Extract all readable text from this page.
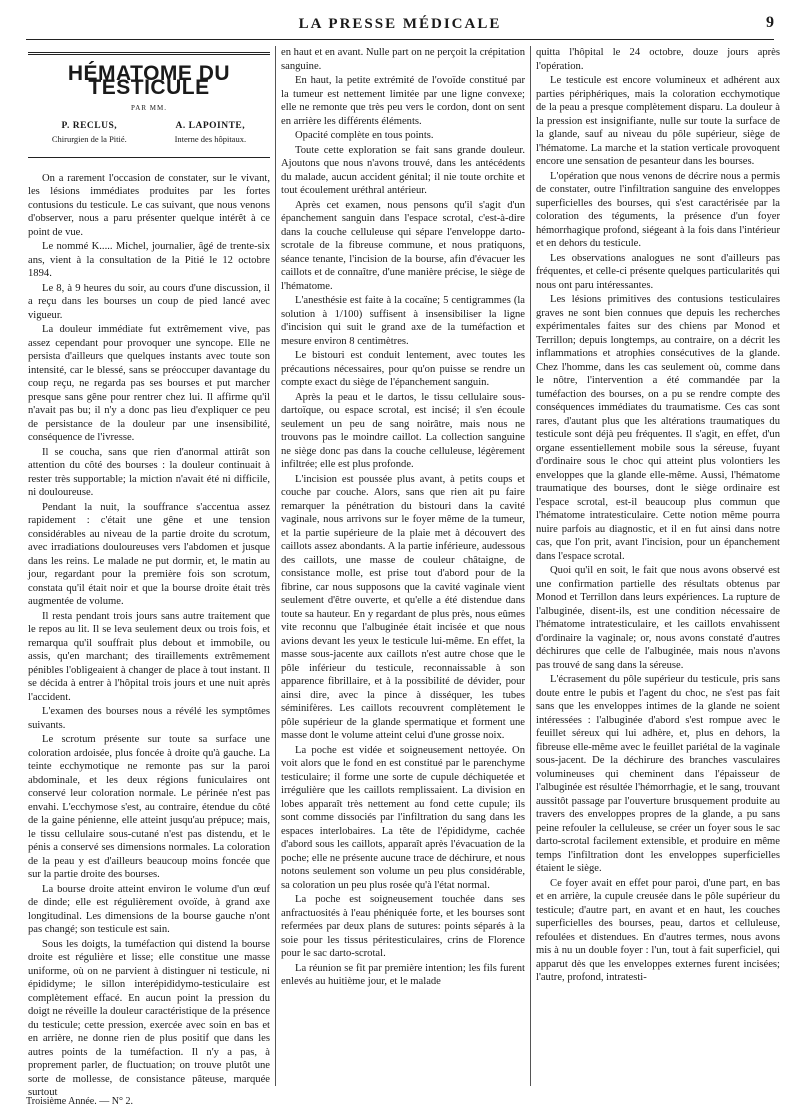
LA PRESSE MÉDICALE	9
HÉMATOME DU TESTICULE
PAR MM.
P. RECLUS,
Chirurgien de la Pitié.
A. LAPOINTE,
Interne des hôpitaux.

On a rarement l'occasion de constater, sur le vivant, les lésions immédiates produites par les fortes contusions du testicule. Le cas suivant, que nous venons d'observer, nous a paru présenter quelque intérêt à ce point de vue.

Le nommé K..... Michel, journalier, âgé de trente-six ans, vient à la consultation de la Pitié le 12 octobre 1894.

Le 8, à 9 heures du soir, au cours d'une discussion, il a reçu dans les bourses un coup de pied lancé avec vigueur.

La douleur immédiate fut extrêmement vive, pas assez cependant pour provoquer une syncope. Elle ne persista d'ailleurs que quelques instants avec toute son intensité, car le blessé, sans se préoccuper davantage du coup reçu, ne regarda pas ses bourses et put marcher presque sans gêne pour rentrer chez lui. Il affirme qu'il n'avait pas bu; il n'y a donc pas lieu d'expliquer ce peu de persistance de la douleur par une insensibilité, conséquence de l'ivresse.

Il se coucha, sans que rien d'anormal attirât son attention du côté des bourses : la douleur continuait à rester très supportable; la miction n'avait été ni difficile, ni douloureuse.

Pendant la nuit, la souffrance s'accentua assez rapidement : c'était une gêne et une tension considérables au niveau de la partie droite du scrotum, avec irradiations douloureuses vers l'abdomen et jusque dans les reins. Le malade ne put dormir, et, le matin au jour, regardant pour la première fois son scrotum, constata qu'il était noir et que la bourse droite était très augmentée de volume.

Il resta pendant trois jours sans autre traitement que le repos au lit. Il se leva seulement deux ou trois fois, et remarqua qu'il souffrait plus debout et immobile, ou assis, qu'en marchant; des tiraillements extrêmement pénibles l'obligeaient à changer de place à tout instant. Il se décida à entrer à l'hôpital trois jours et une nuit après l'accident.

L'examen des bourses nous a révélé les symptômes suivants.

Le scrotum présente sur toute sa surface une coloration ardoisée, plus foncée à droite qu'à gauche. La teinte ecchymotique ne remonte pas sur la paroi abdominale, et les deux régions funiculaires ont conservé leur coloration normale. Le périnée n'est pas envahi. L'ecchymose s'est, au contraire, étendue du côté de la gaine pénienne, elle atteint jusqu'au prépuce; mais, le tissu cellulaire sous-cutané n'est pas distendu, et le pénis a conservé ses dimensions normales. La coloration de la peau y est d'ailleurs beaucoup moins foncée que sur la partie droite des bourses.

La bourse droite atteint environ le volume d'un œuf de dinde; elle est régulièrement ovoïde, à grand axe longitudinal. Les dimensions de la bourse gauche n'ont pas changé; son testicule est sain.

Sous les doigts, la tuméfaction qui distend la bourse droite est régulière et lisse; elle constitue une masse uniforme, où on ne parvient à distinguer ni testicule, ni épididyme; le sillon interépididymo-testiculaire est complètement effacé. En aucun point la pression du doigt ne réveille la douleur caractéristique de la présence du testicule; cette pression, exercée avec soin en bas et en arrière, ne donne rien de plus positif que dans les autres points de la tuméfaction. Il n'y a pas, à proprement parler, de fluctuation; on trouve plutôt une sorte de mollesse, de consistance pâteuse, marquée surtout

en haut et en avant. Nulle part on ne perçoit la crépitation sanguine.

En haut, la petite extrémité de l'ovoïde constitué par la tumeur est nettement limitée par une ligne convexe; elle ne remonte que très peu vers le cordon, dont on sent en arrière les différents éléments.

Opacité complète en tous points.

Toute cette exploration se fait sans grande douleur. Ajoutons que nous n'avons trouvé, dans les antécédents du malade, aucun accident génital; il nie toute orchite et tout écoulement uréthral antérieur.

Après cet examen, nous pensons qu'il s'agit d'un épanchement sanguin dans l'espace scrotal, c'est-à-dire dans la couche celluleuse qui sépare l'enveloppe darto-scrotale de la fibreuse commune, et nous pratiquons, séance tenante, l'incision de la bourse, afin d'évacuer les caillots et de connaître, d'une manière précise, le siège de l'hématome.

L'anesthésie est faite à la cocaïne; 5 centigrammes (la solution à 1/100) suffisent à insensibiliser la ligne d'incision qui suit le grand axe de la tuméfaction et mesure environ 8 centimètres.

Le bistouri est conduit lentement, avec toutes les précautions nécessaires, pour qu'on puisse se rendre un compte exact du siège de l'épanchement sanguin.

Après la peau et le dartos, le tissu cellulaire sous-dartoïque, ou espace scrotal, est incisé; il s'en écoule seulement un peu de sang noirâtre, mais nous ne trouvons pas le moindre caillot. La collection sanguine ne siège donc pas dans la couche celluleuse, légèrement infiltrée; elle est plus profonde.

L'incision est poussée plus avant, à petits coups et couche par couche. Alors, sans que rien ait pu faire remarquer la pénétration du bistouri dans la cavité vaginale, nous arrivons sur le foyer même de la tumeur, et la partie supérieure de la plaie met à découvert des caillots assez abondants. A la partie inférieure, audessous des caillots, une masse de couleur châtaigne, de consistance molle, est prise tout d'abord pour de la fibrine, car nous supposons que la cavité vaginale vient seulement d'être ouverte, et qu'elle a été distendue dans toute sa hauteur. En y regardant de plus près, nous eûmes vite reconnu que l'albuginée était incisée et que nous avions devant les yeux le testicule lui-même. En effet, la masse sous-jacente aux caillots n'est autre chose que le pôle inférieur du testicule, reconnaissable à son apparence fibrillaire, et à la possibilité de dévider, pour ainsi dire, avec la pince à disséquer, les tubes séminifères. Les caillots recouvrent complètement le pôle supérieur de la glande spermatique et forment une masse dont le volume atteint celui d'une grosse noix.

La poche est vidée et soigneusement nettoyée. On voit alors que le fond en est constitué par le parenchyme testiculaire; il forme une sorte de cupule déchiquetée et irrégulière que les caillots remplissaient. La division en lobes apparaît très nettement au fond cette cupule; ils sont comme dissociés par l'infiltration du sang dans les espaces interlobaires. La tête de l'épididyme, cachée d'abord sous les caillots, apparaît après l'évacuation de la poche; elle ne présente aucune trace de déchirure, et nous notons seulement son volume un peu plus considérable, sa coloration un peu plus rosée qu'à l'état normal.

La poche est soigneusement touchée dans ses anfractuosités à l'eau phéniquée forte, et les bourses sont refermées par deux plans de sutures: points séparés à la soie pour les tissus péritesticulaires, crins de Florence pour le sac darto-scrotal.

La réunion se fit par première intention; les fils furent enlevés au huitième jour, et le malade

quitta l'hôpital le 24 octobre, douze jours après l'opération.

Le testicule est encore volumineux et adhérent aux parties périphériques, mais la coloration ecchymotique de la peau a presque complètement disparu. La douleur à la pression est insignifiante, nulle sur toute la surface de la glande, sauf au niveau du pôle supérieur, siège de l'hématome. La marche et la station verticale provoquent encore une sensation de pesanteur dans les bourses.

L'opération que nous venons de décrire nous a permis de constater, outre l'infiltration sanguine des enveloppes superficielles des bourses, qui s'est caractérisée par la coloration des téguments, la présence d'un foyer hémorrhagique profond, siégeant à la fois dans l'intérieur et en dehors du testicule.

Les observations analogues ne sont d'ailleurs pas fréquentes, et celle-ci présente quelques particularités qui nous ont paru intéressantes.

Les lésions primitives des contusions testiculaires graves ne sont bien connues que depuis les recherches expérimentales faites sur des chiens par Monod et Terrillon; depuis longtemps, au contraire, on a décrit les inflammations et atrophies consécutives de la glande. Chez l'homme, dans les cas seulement où, comme dans le nôtre, l'intervention a été commandée par la tuméfaction des bourses, on a pu se rendre compte des conséquences immédiates du traumatisme. Ces cas sont rares, d'autant plus que les altérations traumatiques du testicule sont déjà peu fréquentes. Il s'agit, en effet, d'un organe essentiellement mobile sous la séreuse, fuyant d'ordinaire sous le choc qui atteint plus volontiers les enveloppes que la glande elle-même. Aussi, l'hématome traumatique des bourses, dont le siège ordinaire est l'espace scrotal, est-il beaucoup plus commun que l'hématome intratesticulaire. Cette notion même pourra nuire parfois au diagnostic, et il en fut ainsi dans notre cas, que l'on prit, avant l'incision, pour un épanchement dans l'espace scrotal.

Quoi qu'il en soit, le fait que nous avons observé est une confirmation partielle des résultats obtenus par Monod et Terrillon dans leurs expériences. La rupture de l'albuginée, disent-ils, est une condition nécessaire de l'hématome intratesticulaire, et les caillots envahissent d'ordinaire la vaginale; or, nous avons constaté d'autres déchirures que celle de l'albuginée, mais nous n'avons pas trouvé de sang dans la séreuse.

L'écrasement du pôle supérieur du testicule, pris sans doute entre le pubis et l'agent du choc, ne s'est pas fait sans que les enveloppes intimes de la glande ne soient intéressées : l'albuginée d'abord s'est rompue avec le feuillet séreux qui lui adhère, et, plus en dehors, la fibreuse elle-même avec le feuillet pariétal de la vaginale sous-jacent. De la déchirure des branches vasculaires volumineuses qui cheminent dans l'épaisseur de l'albuginée est résultée l'hémorrhagie, et le sang, trouvant aussitôt passage par l'ouverture brusquement produite au travers des enveloppes propres de la glande, a pu sans peine refouler la celluleuse, se créer un foyer sous le sac darto-scrotal facilement extensible, et produire en même temps l'infiltration dont les enveloppes superficielles étaient le siège.

Ce foyer avait en effet pour paroi, d'une part, en bas et en arrière, la cupule creusée dans le pôle supérieur du testicule; d'autre part, en avant et en haut, les couches superficielles des bourses, peau, dartos et celluleuse, refoulées et distendues. En d'autres termes, nous avons mis à nu un double foyer : l'un, tout à fait superficiel, qui apparut dès que les enveloppes externes furent incisées; l'autre, profond, intratesti-

Troisième Année. — N° 2.
